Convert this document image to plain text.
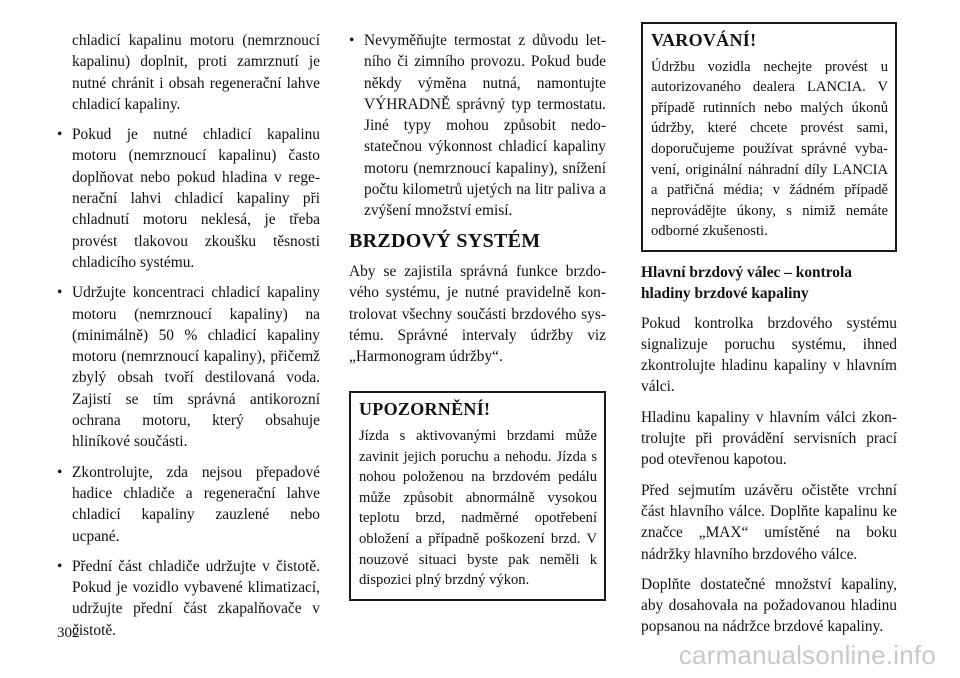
chladicí kapalinu motoru (nemrznoucí kapalinu) doplnit, proti zamrznutí je nutné chránit i obsah regenerační lahve chladicí kapaliny.

• Pokud je nutné chladicí kapalinu motoru (nemrznoucí kapalinu) často doplňovat nebo pokud hladina v regenerační lahvi chladicí kapaliny při chladnutí motoru neklesá, je třeba provést tlakovou zkoušku těsnosti chladicího systému.
• Udržujte koncentraci chladicí kapaliny motoru (nemrznoucí kapaliny) na (minimálně) 50 % chladicí kapaliny motoru (nemrznoucí kapaliny), přičemž zbylý obsah tvoří destilovaná voda. Zajistí se tím správná antikorozní ochrana motoru, který obsahuje hliníkové součásti.
• Zkontrolujte, zda nejsou přepadové hadice chladiče a regenerační lahve chladicí kapaliny zauzlené nebo ucpané.
• Přední část chladiče udržujte v čistotě. Pokud je vozidlo vybavené klimatizací, udržujte přední část zkapalňovače v čistotě.
• Nevyměňujte termostat z důvodu letního či zimního provozu. Pokud bude někdy výměna nutná, namontujte VÝHRADNĚ správný typ termostatu. Jiné typy mohou způsobit nedostatečnou výkonnost chladicí kapaliny motoru (nemrznoucí kapaliny), snížení počtu kilometrů ujetých na litr paliva a zvýšení množství emisí.
BRZDOVÝ SYSTÉM

Aby se zajistila správná funkce brzdového systému, je nutné pravidelně kontrolovat všechny součásti brzdového systému. Správné intervaly údržby viz „Harmonogram údržby“.

UPOZORNĚNÍ!

Jízda s aktivovanými brzdami může zavinit jejich poruchu a nehodu. Jízda s nohou položenou na brzdovém pedálu může způsobit abnormálně vysokou teplotu brzd, nadměrné opotřebení obložení a případně poškození brzd. V nouzové situaci byste pak neměli k dispozici plný brzdný výkon.

VAROVÁNÍ!

Údržbu vozidla nechejte provést u autorizovaného dealera LANCIA. V případě rutinních nebo malých úkonů údržby, které chcete provést sami, doporučujeme používat správné vybavení, originální náhradní díly LANCIA a patřičná média; v žádném případě neprovádějte úkony, s nimiž nemáte odborné zkušenosti.

Hlavní brzdový válec – kontrola hladiny brzdové kapaliny

Pokud kontrolka brzdového systému signalizuje poruchu systému, ihned zkontrolujte hladinu kapaliny v hlavním válci.

Hladinu kapaliny v hlavním válci zkontrolujte při provádění servisních prací pod otevřenou kapotou.

Před sejmutím uzávěru očistěte vrchní část hlavního válce. Doplňte kapalinu ke značce „MAX“ umístěné na boku nádržky hlavního brzdového válce.

Doplňte dostatečné množství kapaliny, aby dosahovala na požadovanou hladinu popsanou na nádržce brzdové kapaliny.

302
carmanualsonline.info
